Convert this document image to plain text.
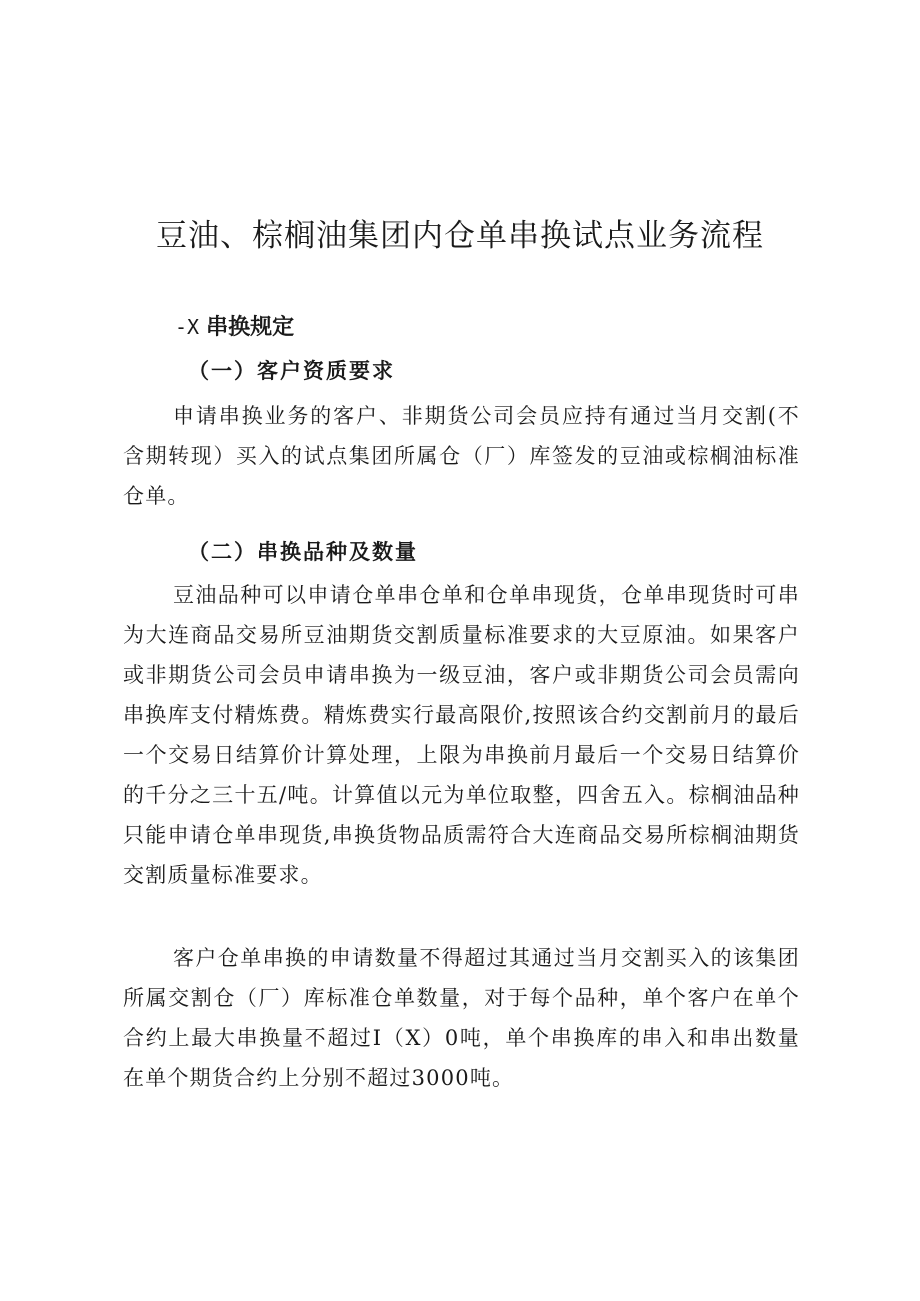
豆油、棕榈油集团内仓单串换试点业务流程
-X 串换规定
（一）客户资质要求

申请串换业务的客户、非期货公司会员应持有通过当月交割(不含期转现）买入的试点集团所属仓（厂）库签发的豆油或棕榈油标准仓单。

（二）串换品种及数量

豆油品种可以申请仓单串仓单和仓单串现货，仓单串现货时可串为大连商品交易所豆油期货交割质量标准要求的大豆原油。如果客户或非期货公司会员申请串换为一级豆油，客户或非期货公司会员需向串换库支付精炼费。精炼费实行最高限价,按照该合约交割前月的最后一个交易日结算价计算处理，上限为串换前月最后一个交易日结算价的千分之三十五/吨。计算值以元为单位取整，四舍五入。棕榈油品种只能申请仓单串现货,串换货物品质需符合大连商品交易所棕榈油期货交割质量标准要求。

客户仓单串换的申请数量不得超过其通过当月交割买入的该集团所属交割仓（厂）库标准仓单数量，对于每个品种，单个客户在单个合约上最大串换量不超过I（X）0吨，单个串换库的串入和串出数量在单个期货合约上分别不超过3000吨。
